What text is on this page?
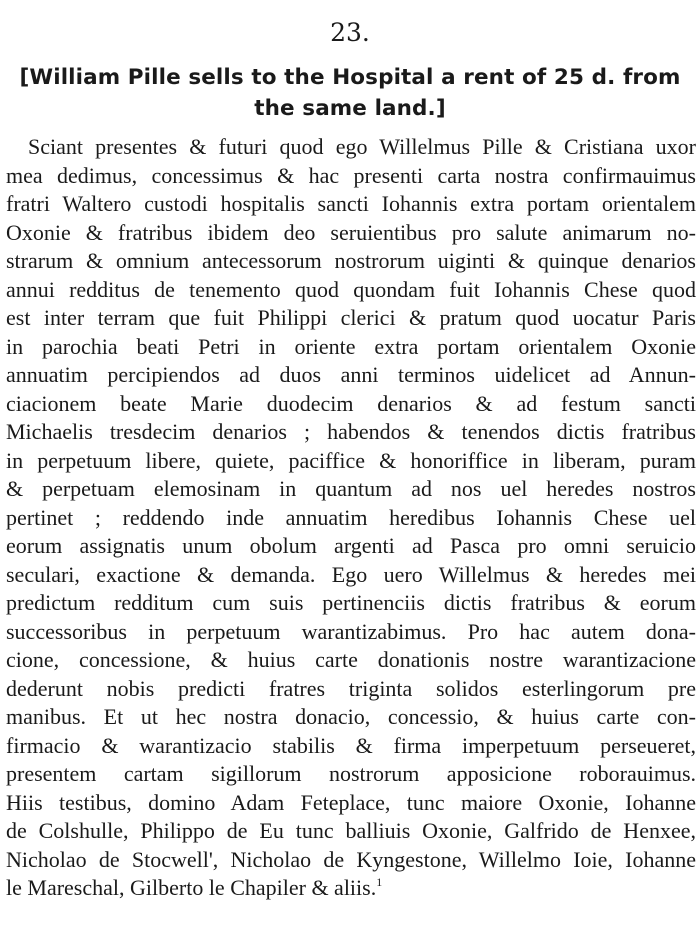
23.
[William Pille sells to the Hospital a rent of 25 d. from the same land.]
Sciant presentes & futuri quod ego Willelmus Pille & Cristiana uxor
mea dedimus, concessimus & hac presenti carta nostra confirmauimus
fratri Waltero custodi hospitalis sancti Iohannis extra portam orientalem
Oxonie & fratribus ibidem deo seruientibus pro salute animarum no-
strarum & omnium antecessorum nostrorum uiginti & quinque denarios
annui redditus de tenemento quod quondam fuit Iohannis Chese quod
est inter terram que fuit Philippi clerici & pratum quod uocatur Paris
in parochia beati Petri in oriente extra portam orientalem Oxonie
annuatim percipiendos ad duos anni terminos uidelicet ad Annun-
ciacionem beate Marie duodecim denarios & ad festum sancti
Michaelis tresdecim denarios ; habendos & tenendos dictis fratribus
in perpetuum libere, quiete, paciffice & honoriffice in liberam, puram
& perpetuam elemosinam in quantum ad nos uel heredes nostros
pertinet ; reddendo inde annuatim heredibus Iohannis Chese uel
eorum assignatis unum obolum argenti ad Pasca pro omni seruicio
seculari, exactione & demanda. Ego uero Willelmus & heredes mei
predictum redditum cum suis pertinenciis dictis fratribus & eorum
successoribus in perpetuum warantizabimus. Pro hac autem dona-
cione, concessione, & huius carte donationis nostre warantizacione
dederunt nobis predicti fratres triginta solidos esterlingorum pre
manibus. Et ut hec nostra donacio, concessio, & huius carte con-
firmacio & warantizacio stabilis & firma imperpetuum perseueret,
presentem cartam sigillorum nostrorum apposicione roborauimus.
Hiis testibus, domino Adam Feteplace, tunc maiore Oxonie, Iohanne
de Colshulle, Philippo de Eu tunc balliuis Oxonie, Galfrido de Henxee,
Nicholao de Stocwell', Nicholao de Kyngestone, Willelmo Ioie, Iohanne
le Mareschal, Gilberto le Chapiler & aliis.$^1$
